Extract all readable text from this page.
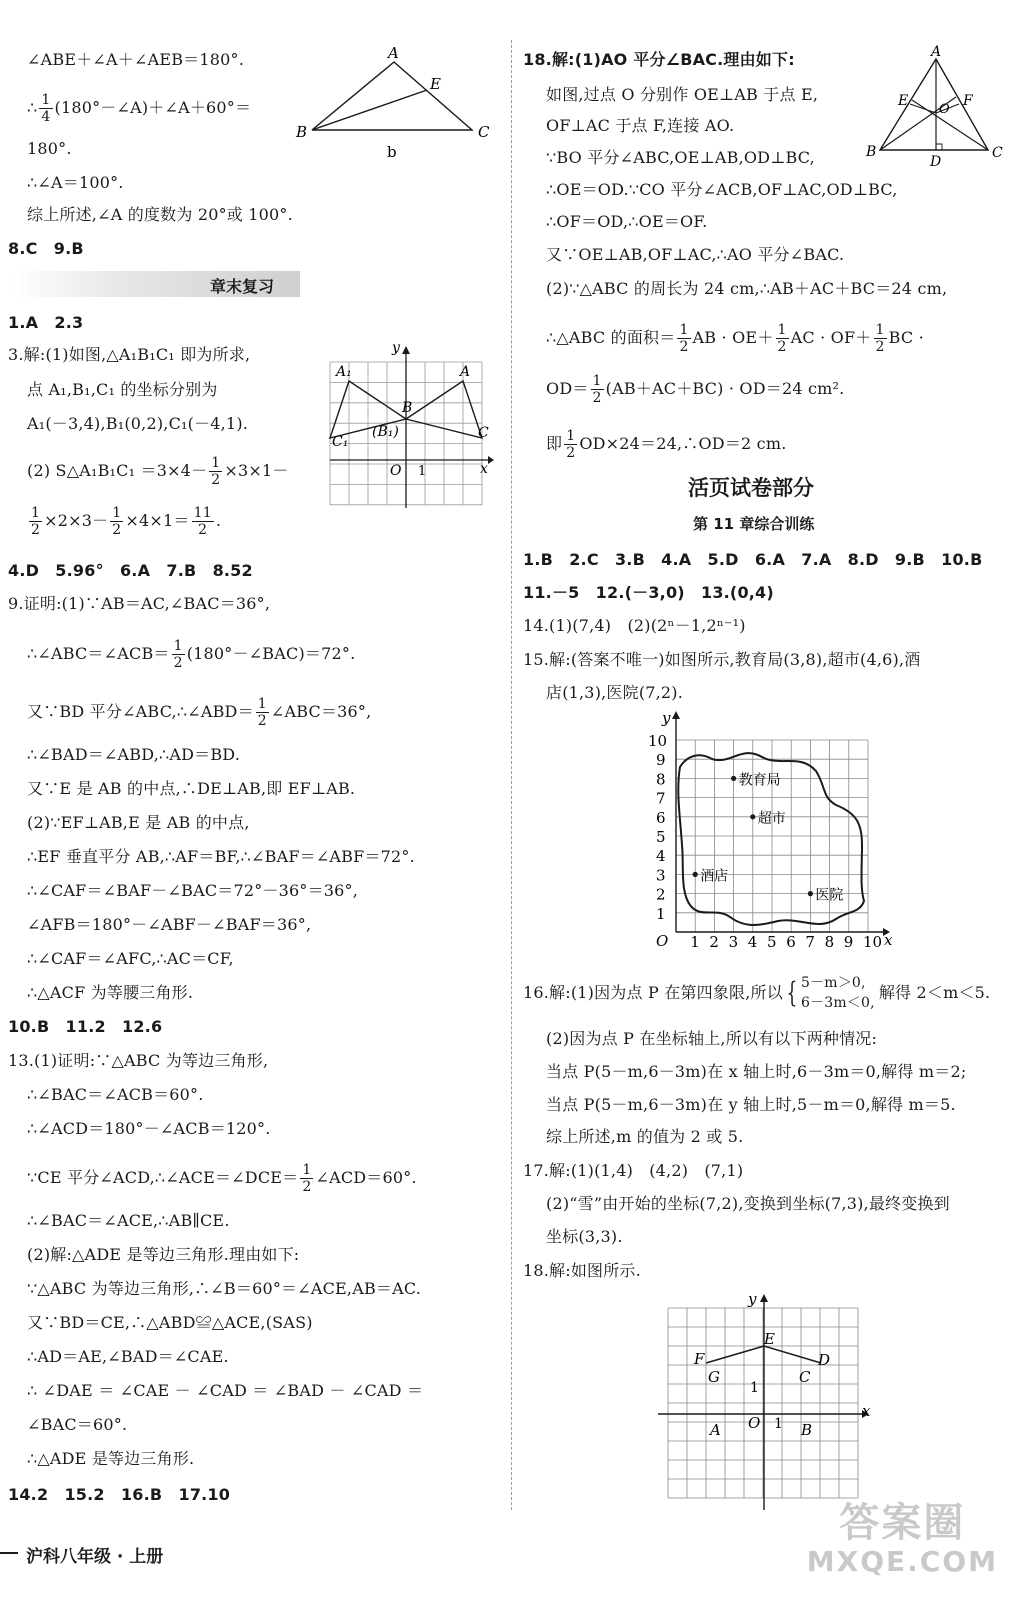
∠ABE＋∠A＋∠AEB＝180°.
∴ $\frac{1}{4}$ (180°－∠A)＋∠A＋60°＝
180°.
∴∠A＝100°.
综上所述,∠A 的度数为 20°或 100°.
8.C　9.B
章末复习
1.A　2.3
3.解:(1)如图,△A₁B₁C₁ 即为所求,
点 A₁,B₁,C₁ 的坐标分别为
A₁(－3,4),B₁(0,2),C₁(－4,1).
(2) S△A₁B₁C₁ $=3\times 4- \frac{1}{2} \times 3\times 1-$
$\frac{1}{2} \times 2\times 3- \frac{1}{2} \times 4\times 1= \frac{11}{2}$ .
4.D　5.96°　6.A　7.B　8.52
9.证明:(1)∵AB＝AC,∠BAC＝36°,
∴∠ABC＝∠ACB＝ $\frac{1}{2}$ (180°－∠BAC)＝72°.
又∵BD 平分∠ABC,∴∠ABD＝ $\frac{1}{2}$ ∠ABC＝36°,
∴∠BAD＝∠ABD,∴AD＝BD.
又∵E 是 AB 的中点,∴DE⊥AB,即 EF⊥AB.
(2)∵EF⊥AB,E 是 AB 的中点,
∴EF 垂直平分 AB,∴AF＝BF,∴∠BAF＝∠ABF＝72°.
∴∠CAF＝∠BAF－∠BAC＝72°－36°＝36°,
∠AFB＝180°－∠ABF－∠BAF＝36°,
∴∠CAF＝∠AFC,∴AC＝CF,
∴△ACF 为等腰三角形.
10.B　11.2　12.6
13.(1)证明:∵△ABC 为等边三角形,
∴∠BAC＝∠ACB＝60°.
∴∠ACD＝180°－∠ACB＝120°.
∵CE 平分∠ACD,∴∠ACE＝∠DCE＝ $\frac{1}{2}$ ∠ACD＝60°.
∴∠BAC＝∠ACE,∴AB∥CE.
(2)解:△ADE 是等边三角形.理由如下:
∵△ABC 为等边三角形,∴∠B＝60°＝∠ACE,AB＝AC.
又∵BD＝CE,∴△ABD≌△ACE,(SAS)
∴AD＝AE,∠BAD＝∠CAE.
∴ ∠DAE ＝ ∠CAE － ∠CAD ＝ ∠BAD － ∠CAD ＝
∠BAC＝60°.
∴△ADE 是等边三角形.
14.2　15.2　16.B　17.10
A
E
B	C
b
y
x
O 1
A₁	A
B
(B₁)
C₁
C
18.解:(1)AO 平分∠BAC.理由如下:
如图,过点 O 分别作 OE⊥AB 于点 E,
OF⊥AC 于点 F,连接 AO.
∵BO 平分∠ABC,OE⊥AB,OD⊥BC,
∴OE＝OD.∵CO 平分∠ACB,OF⊥AC,OD⊥BC,
∴OF＝OD,∴OE＝OF.
又∵OE⊥AB,OF⊥AC,∴AO 平分∠BAC.
(2)∵△ABC 的周长为 24 cm,∴AB＋AC＋BC＝24 cm,
∴△ABC 的面积＝ $\frac{1}{2}$ AB · $OE+ \frac{1}{2}$ AC · $OF+ \frac{1}{2}$ BC ·
$OD= \frac{1}{2} (AB+AC+BC) \cdot OD=24$ cm².
即 $\frac{1}{2}$ OD×24＝24,∴OD＝2 cm.
活页试卷部分
第 11 章综合训练
1.B　2.C　3.B　4.A　5.D　6.A　7.A　8.D　9.B　10.B
11.－5　12.(－3,0)　13.(0,4)
14.(1)(7,4)　(2)(2ⁿ－1,2ⁿ⁻¹)
15.解:(答案不唯一)如图所示,教育局(3,8),超市(4,6),酒
店(1,3),医院(7,2).
16.解:(1)因为点 P 在第四象限,所以 { 5－m＞0,
6－3m＜0,
解得 2＜m＜5.
(2)因为点 P 在坐标轴上,所以有以下两种情况:
当点 P(5－m,6－3m)在 x 轴上时,6－3m＝0,解得 m＝2;
当点 P(5－m,6－3m)在 y 轴上时,5－m＝0,解得 m＝5.
综上所述,m 的值为 2 或 5.
17.解:(1)(1,4)　(4,2)　(7,1)
(2)“雪”由开始的坐标(7,2),变换到坐标(7,3),最终变换到
坐标(3,3).
18.解:如图所示.
A
E	F
O
B	C
D
1
2
3
4
5
6
7
8
9
10
1 2 3 4 5 6 7 8 9 10
教育局
超市
酒店
医院
y
x
O
y
x
O 1
1
E
F
G
D
C
A	B
沪科八年级 · 上册
答案圈
MXQE.COM
